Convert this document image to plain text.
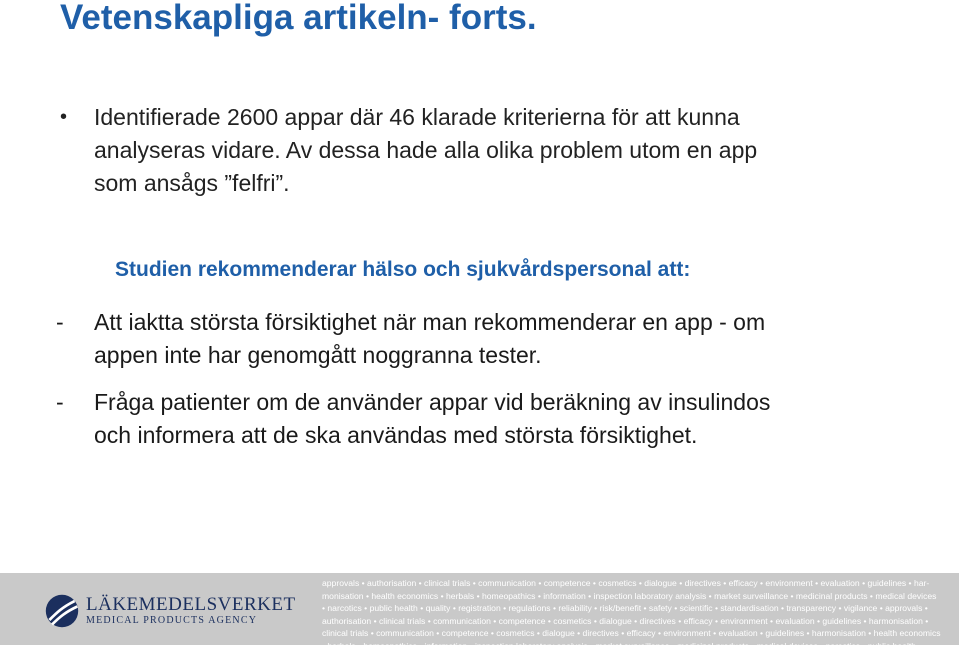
Vetenskapliga artikeln- forts.
•	Identifierade 2600 appar där 46 klarade kriterierna för att kunna
analyseras vidare. Av dessa hade alla olika problem utom en app
som ansågs ”felfri”.
Studien rekommenderar hälso och sjukvårdspersonal att:
-	Att iaktta största försiktighet när man rekommenderar en app - om
appen inte har genomgått noggranna tester.
-	Fråga patienter om de använder appar vid beräkning av insulindos
och informera att de ska användas med största försiktighet.
LÄKEMEDELSVERKET
MEDICAL PRODUCTS AGENCY
approvals • authorisation • clinical trials • communication • competence • cosmetics • dialogue • directives • efficacy • environment • evaluation • guidelines • har-
monisation • health economics • herbals • homeopathics • information • inspection laboratory analysis • market surveillance • medicinal products • medical devices
• narcotics • public health • quality • registration • regulations • reliability • risk/benefit • safety • scientific • standardisation • transparency • vigilance • approvals •
authorisation • clinical trials • communication • competence • cosmetics • dialogue • directives • efficacy • environment • evaluation • guidelines • harmonisation •
clinical trials • communication • competence • cosmetics • dialogue • directives • efficacy • environment • evaluation • guidelines • harmonisation • health economics
• herbals • homeopathics • information • inspection laboratory analysis • market surveillance • medicinal products • medical devices • narcotics • public health •
